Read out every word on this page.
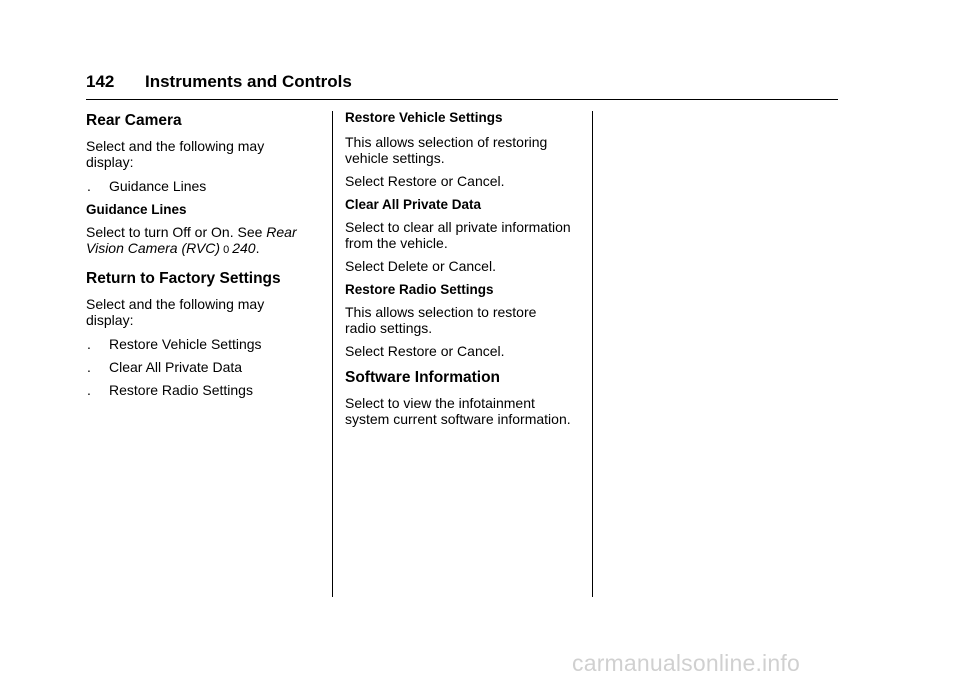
142 Instruments and Controls
Rear Camera
Select and the following may
display:
.	Guidance Lines
Guidance Lines
Select to turn Off or On. See Rear
Vision Camera (RVC) 0 240.
Return to Factory Settings
Select and the following may
display:
.	Restore Vehicle Settings
.	Clear All Private Data
.	Restore Radio Settings
Restore Vehicle Settings
This allows selection of restoring
vehicle settings.
Select Restore or Cancel.
Clear All Private Data
Select to clear all private information
from the vehicle.
Select Delete or Cancel.
Restore Radio Settings
This allows selection to restore
radio settings.
Select Restore or Cancel.
Software Information
Select to view the infotainment
system current software information.
carmanualsonline.info
